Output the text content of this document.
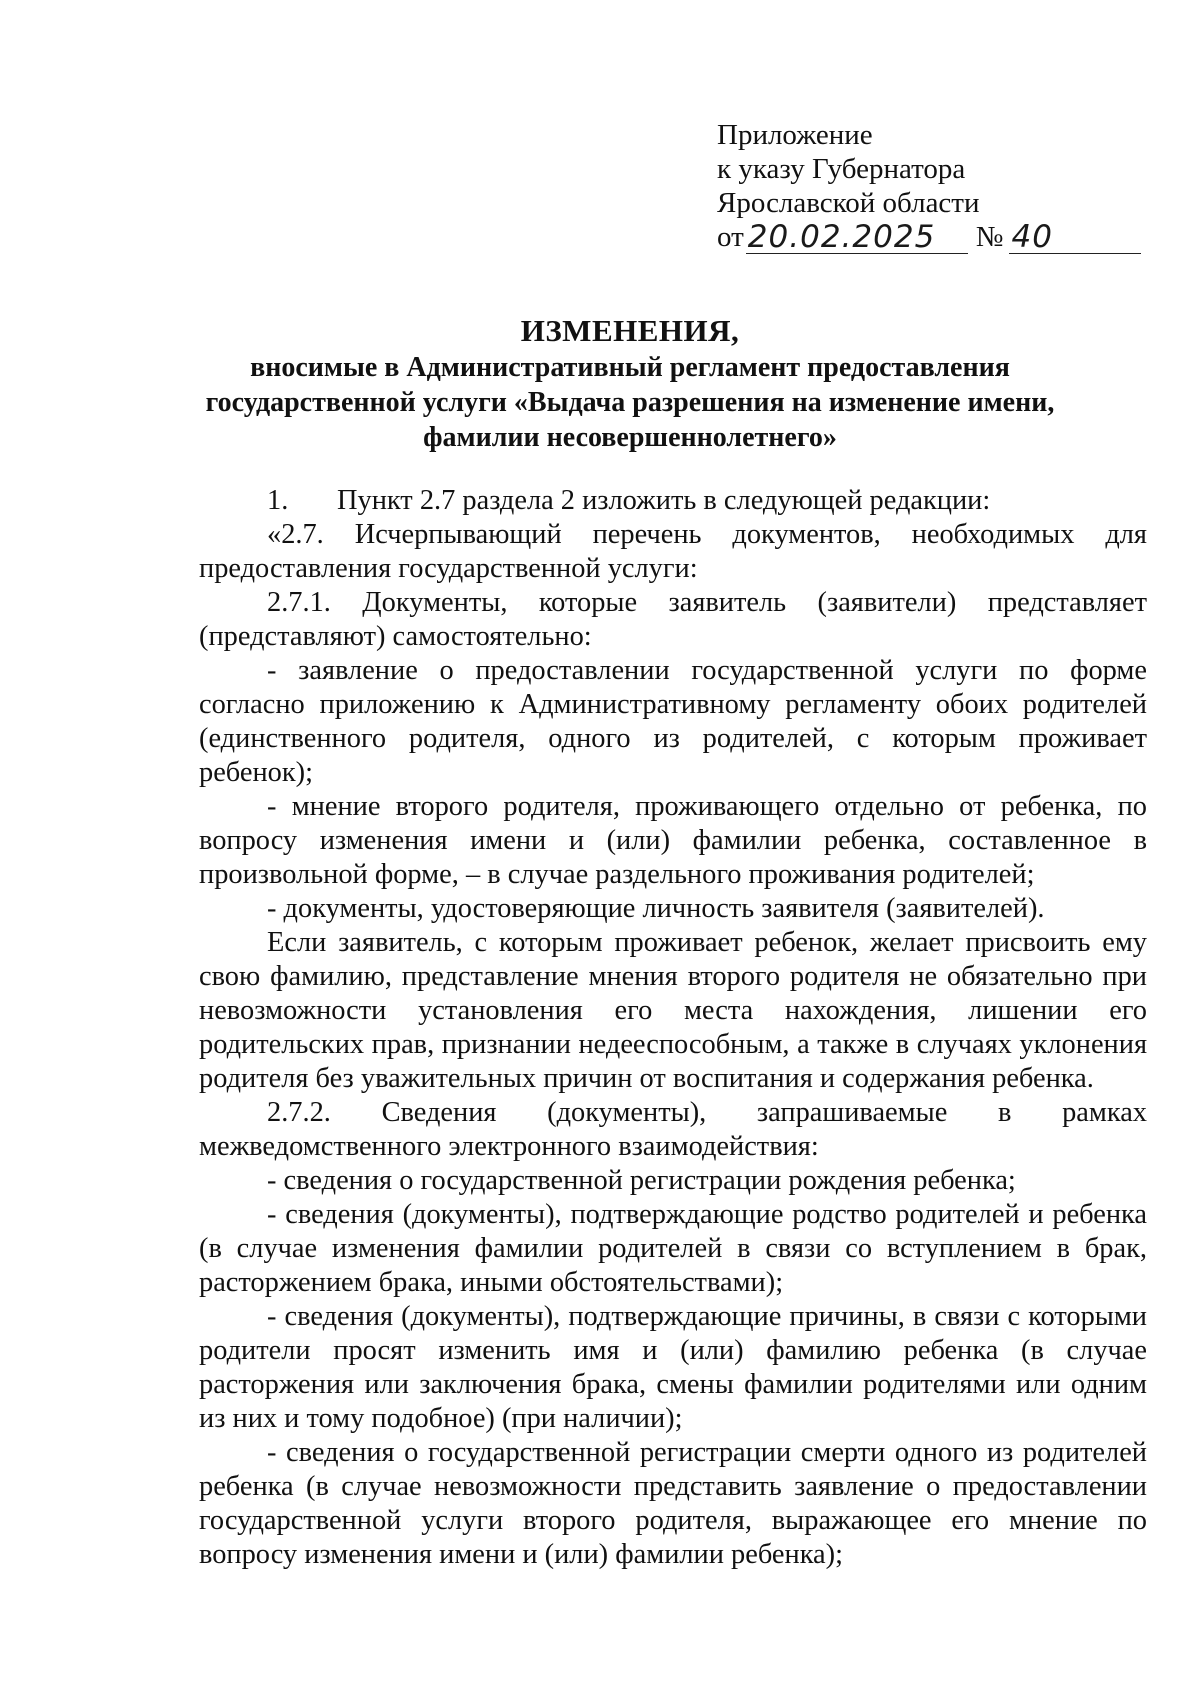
Приложение
к указу Губернатора
Ярославской области
от 20.02.2025	№ 40
ИЗМЕНЕНИЯ,
вносимые в Административный регламент предоставления
государственной услуги «Выдача разрешения на изменение имени,
фамилии несовершеннолетнего»

1. Пункт 2.7 раздела 2 изложить в следующей редакции:

«2.7. Исчерпывающий перечень документов, необходимых для предоставления государственной услуги:

2.7.1. Документы, которые заявитель (заявители) представляет (представляют) самостоятельно:

- заявление о предоставлении государственной услуги по форме согласно приложению к Административному регламенту обоих родителей (единственного родителя, одного из родителей, с которым проживает ребенок);

- мнение второго родителя, проживающего отдельно от ребенка, по вопросу изменения имени и (или) фамилии ребенка, составленное в произвольной форме, – в случае раздельного проживания родителей;

- документы, удостоверяющие личность заявителя (заявителей).

Если заявитель, с которым проживает ребенок, желает присвоить ему свою фамилию, представление мнения второго родителя не обязательно при невозможности установления его места нахождения, лишении его родительских прав, признании недееспособным, а также в случаях уклонения родителя без уважительных причин от воспитания и содержания ребенка.

2.7.2. Сведения (документы), запрашиваемые в рамках межведомственного электронного взаимодействия:

- сведения о государственной регистрации рождения ребенка;

- сведения (документы), подтверждающие родство родителей и ребенка (в случае изменения фамилии родителей в связи со вступлением в брак, расторжением брака, иными обстоятельствами);

- сведения (документы), подтверждающие причины, в связи с которыми родители просят изменить имя и (или) фамилию ребенка (в случае расторжения или заключения брака, смены фамилии родителями или одним из них и тому подобное) (при наличии);

- сведения о государственной регистрации смерти одного из родителей ребенка (в случае невозможности представить заявление о предоставлении государственной услуги второго родителя, выражающее его мнение по вопросу изменения имени и (или) фамилии ребенка);
